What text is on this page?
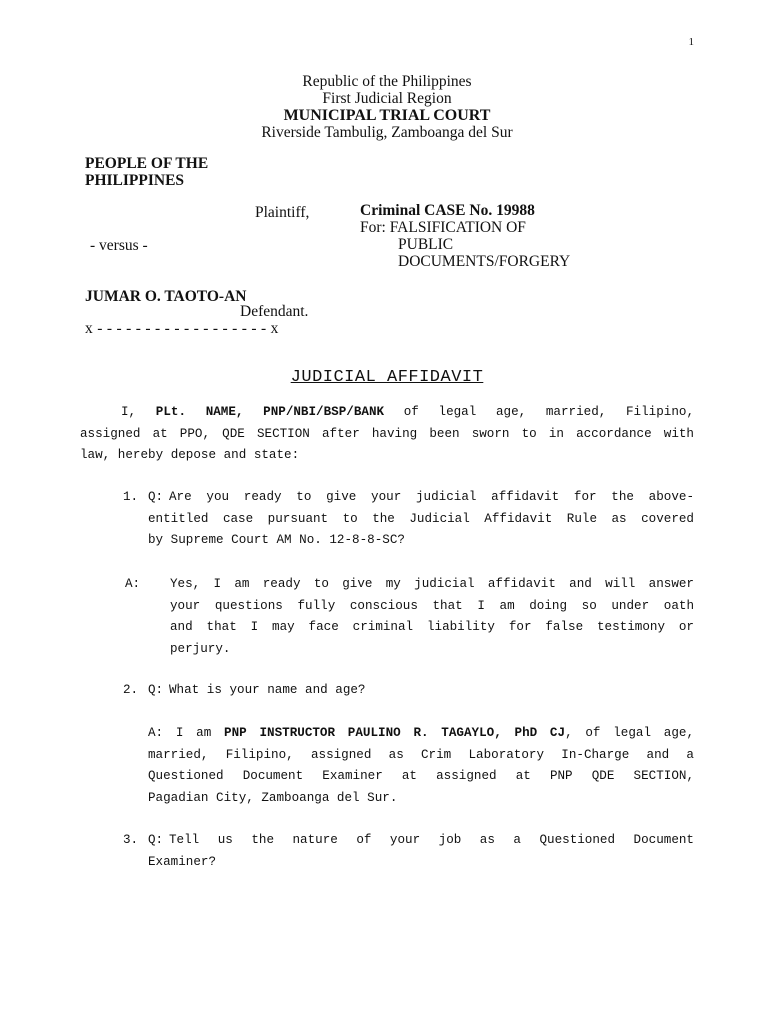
1
Republic of the Philippines
First Judicial Region
MUNICIPAL TRIAL COURT
Riverside Tambulig, Zamboanga del Sur
PEOPLE OF THE
PHILIPPINES
Plaintiff,	Criminal CASE No. 19988
For: FALSIFICATION OF
PUBLIC
DOCUMENTS/FORGERY
- versus -
JUMAR O. TAOTO-AN
Defendant.
x - - - - - - - - - - - - - - - - - - x
JUDICIAL AFFIDAVIT
I, PLt. NAME, PNP/NBI/BSP/BANK of legal age, married, Filipino,
assigned at PPO, QDE SECTION after having been sworn to in accordance with
law, hereby depose and state:
1. Q: Are you ready to give your judicial affidavit for the above-
entitled case pursuant to the Judicial Affidavit Rule as covered
by Supreme Court AM No. 12-8-8-SC?
A: Yes, I am ready to give my judicial affidavit and will answer
your questions fully conscious that I am doing so under oath
and that I may face criminal liability for false testimony or
perjury.
2. Q: What is your name and age?
A: I am PNP INSTRUCTOR PAULINO R. TAGAYLO, PhD CJ, of legal age,
married, Filipino, assigned as Crim Laboratory In-Charge and a
Questioned Document Examiner at assigned at PNP QDE SECTION,
Pagadian City, Zamboanga del Sur.
3. Q: Tell us the nature of your job as a Questioned Document
Examiner?
